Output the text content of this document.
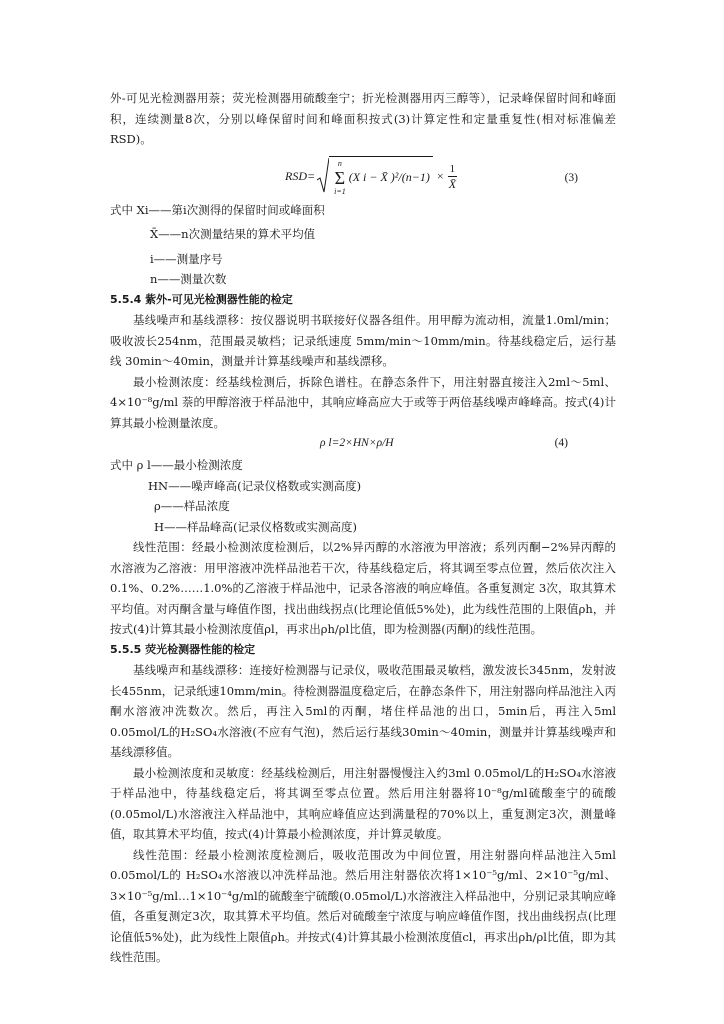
外-可见光检测器用萘；荧光检测器用硫酸奎宁；折光检测器用丙三醇等），记录峰保留时间和峰面积，连续测量8次，分别以峰保留时间和峰面积按式(3)计算定性和定量重复性(相对标准偏差RSD)。

RSD=
n
Σ
i=1
(X i − X̄ )$^2/(n-1) \times \frac{1}{X̄}$	(3)

式中 Xi——第i次测得的保留时间或峰面积

X̄——n次测量结果的算术平均值

i——测量序号

n——测量次数

5.5.4 紫外-可见光检测器性能的检定

基线噪声和基线漂移：按仪器说明书联接好仪器各组件。用甲醇为流动相，流量1.0ml/min；吸收波长254nm，范围最灵敏档；记录纸速度 5mm/min～10mm/min。待基线稳定后，运行基线 30min～40min，测量并计算基线噪声和基线漂移。

最小检测浓度：经基线检测后，拆除色谱柱。在静态条件下，用注射器直接注入2ml～5ml、4×10⁻⁸g/ml 萘的甲醇溶液于样品池中，其响应峰高应大于或等于两倍基线噪声峰峰高。按式(4)计算其最小检测量浓度。

ρ l=2×HN×ρ/H	(4)

式中 ρ l——最小检测浓度

HN——噪声峰高(记录仪格数或实测高度)

ρ——样品浓度

H——样品峰高(记录仪格数或实测高度)

线性范围：经最小检测浓度检测后，以2%异丙醇的水溶液为甲溶液；系列丙酮−2%异丙醇的水溶液为乙溶液：用甲溶液冲洗样品池若干次，待基线稳定后，将其调至零点位置，然后依次注入0.1%、0.2%……1.0%的乙溶液于样品池中，记录各溶液的响应峰值。各重复测定 3次，取其算术平均值。对丙酮含量与峰值作图，找出曲线拐点(比理论值低5%处)，此为线性范围的上限值ρh，并按式(4)计算其最小检测浓度值ρl，再求出ρh/ρl比值，即为检测器(丙酮)的线性范围。

5.5.5 荧光检测器性能的检定

基线噪声和基线漂移：连接好检测器与记录仪，吸收范围最灵敏档，激发波长345nm，发射波长455nm，记录纸速10mm/min。待检测器温度稳定后，在静态条件下，用注射器向样品池注入丙酮水溶液冲洗数次。然后，再注入5ml的丙酮，堵住样品池的出口，5min后，再注入5ml 0.05mol/L的H₂SO₄水溶液(不应有气泡)，然后运行基线30min～40min，测量并计算基线噪声和基线漂移值。

最小检测浓度和灵敏度：经基线检测后，用注射器慢慢注入约3ml 0.05mol/L的H₂SO₄水溶液于样品池中，待基线稳定后，将其调至零点位置。然后用注射器将10⁻⁸g/ml硫酸奎宁的硫酸(0.05mol/L)水溶液注入样品池中，其响应峰值应达到满量程的70%以上，重复测定3次，测量峰值，取其算术平均值，按式(4)计算最小检测浓度，并计算灵敏度。

线性范围：经最小检测浓度检测后，吸收范围改为中间位置，用注射器向样品池注入5ml 0.05mol/L的 H₂SO₄水溶液以冲洗样品池。然后用注射器依次将1×10⁻⁵g/ml、2×10⁻⁵g/ml、3×10⁻⁵g/ml…1×10⁻⁴g/ml的硫酸奎宁硫酸(0.05mol/L)水溶液注入样品池中，分别记录其响应峰值，各重复测定3次，取其算术平均值。然后对硫酸奎宁浓度与响应峰值作图，找出曲线拐点(比理论值低5%处)，此为线性上限值ρh。并按式(4)计算其最小检测浓度值cl，再求出ρh/ρl比值，即为其线性范围。
